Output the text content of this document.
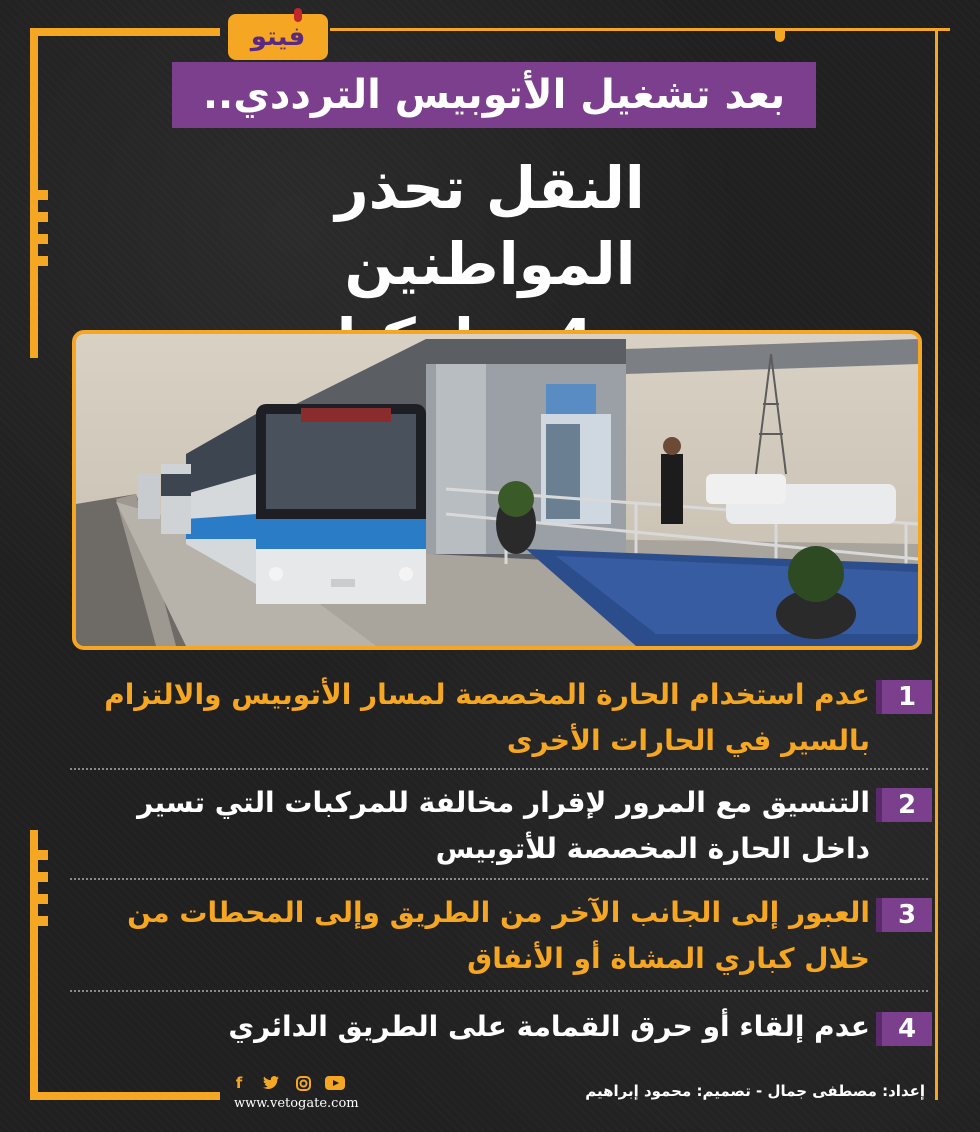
فيتو
بعد تشغيل الأتوبيس الترددي..
النقل تحذر المواطنين
1
عدم استخدام الحارة المخصصة لمسار الأتوبيس والالتزام
بالسير في الحارات الأخرى
2
التنسيق مع المرور لإقرار مخالفة للمركبات التي تسير
داخل الحارة المخصصة للأتوبيس
3
العبور إلى الجانب الآخر من الطريق وإلى المحطات من
خلال كباري المشاة أو الأنفاق
4
عدم إلقاء أو حرق القمامة على الطريق الدائري
f
www.vetogate.com
إعداد: مصطفى جمال - تصميم: محمود إبراهيم
